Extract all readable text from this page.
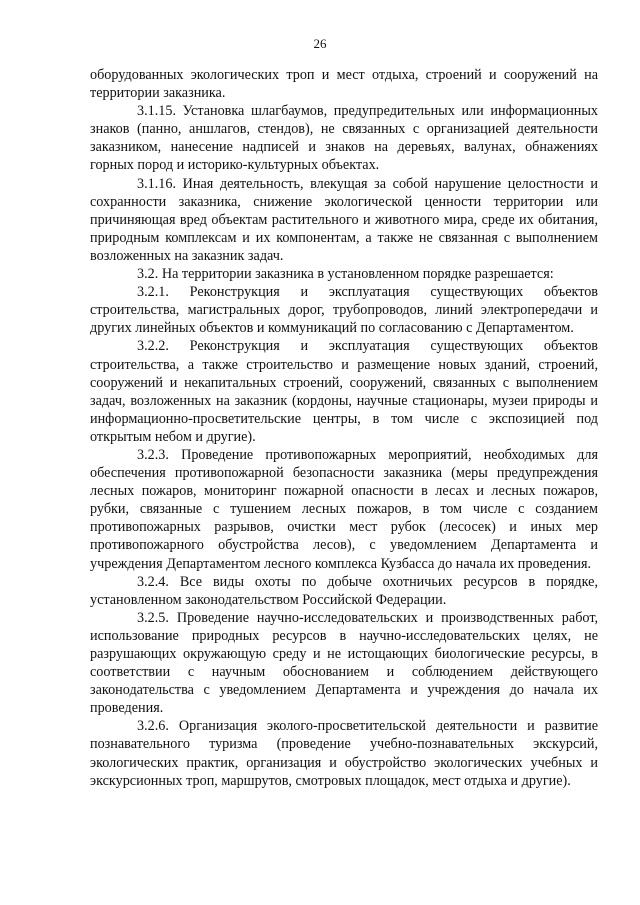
26

оборудованных экологических троп и мест отдыха, строений и сооружений на территории заказника.

3.1.15. Установка шлагбаумов, предупредительных или информационных знаков (панно, аншлагов, стендов), не связанных с организацией деятельности заказником, нанесение надписей и знаков на деревьях, валунах, обнажениях горных пород и историко-культурных объектах.

3.1.16. Иная деятельность, влекущая за собой нарушение целостности и сохранности заказника, снижение экологической ценности территории или причиняющая вред объектам растительного и животного мира, среде их обитания, природным комплексам и их компонентам, а также не связанная с выполнением возложенных на заказник задач.

3.2. На территории заказника в установленном порядке разрешается:

3.2.1. Реконструкция и эксплуатация существующих объектов строительства, магистральных дорог, трубопроводов, линий электропередачи и других линейных объектов и коммуникаций по согласованию с Департаментом.

3.2.2. Реконструкция и эксплуатация существующих объектов строительства, а также строительство и размещение новых зданий, строений, сооружений и некапитальных строений, сооружений, связанных с выполнением задач, возложенных на заказник (кордоны, научные стационары, музеи природы и информационно-просветительские центры, в том числе с экспозицией под открытым небом и другие).

3.2.3. Проведение противопожарных мероприятий, необходимых для обеспечения противопожарной безопасности заказника (меры предупреждения лесных пожаров, мониторинг пожарной опасности в лесах и лесных пожаров, рубки, связанные с тушением лесных пожаров, в том числе с созданием противопожарных разрывов, очистки мест рубок (лесосек) и иных мер противопожарного обустройства лесов), с уведомлением Департамента и учреждения Департаментом лесного комплекса Кузбасса до начала их проведения.

3.2.4. Все виды охоты по добыче охотничьих ресурсов в порядке, установленном законодательством Российской Федерации.

3.2.5. Проведение научно-исследовательских и производственных работ, использование природных ресурсов в научно-исследовательских целях, не разрушающих окружающую среду и не истощающих биологические ресурсы, в соответствии с научным обоснованием и соблюдением действующего законодательства с уведомлением Департамента и учреждения до начала их проведения.

3.2.6. Организация эколого-просветительской деятельности и развитие познавательного туризма (проведение учебно-познавательных экскурсий, экологических практик, организация и обустройство экологических учебных и экскурсионных троп, маршрутов, смотровых площадок, мест отдыха и другие).
